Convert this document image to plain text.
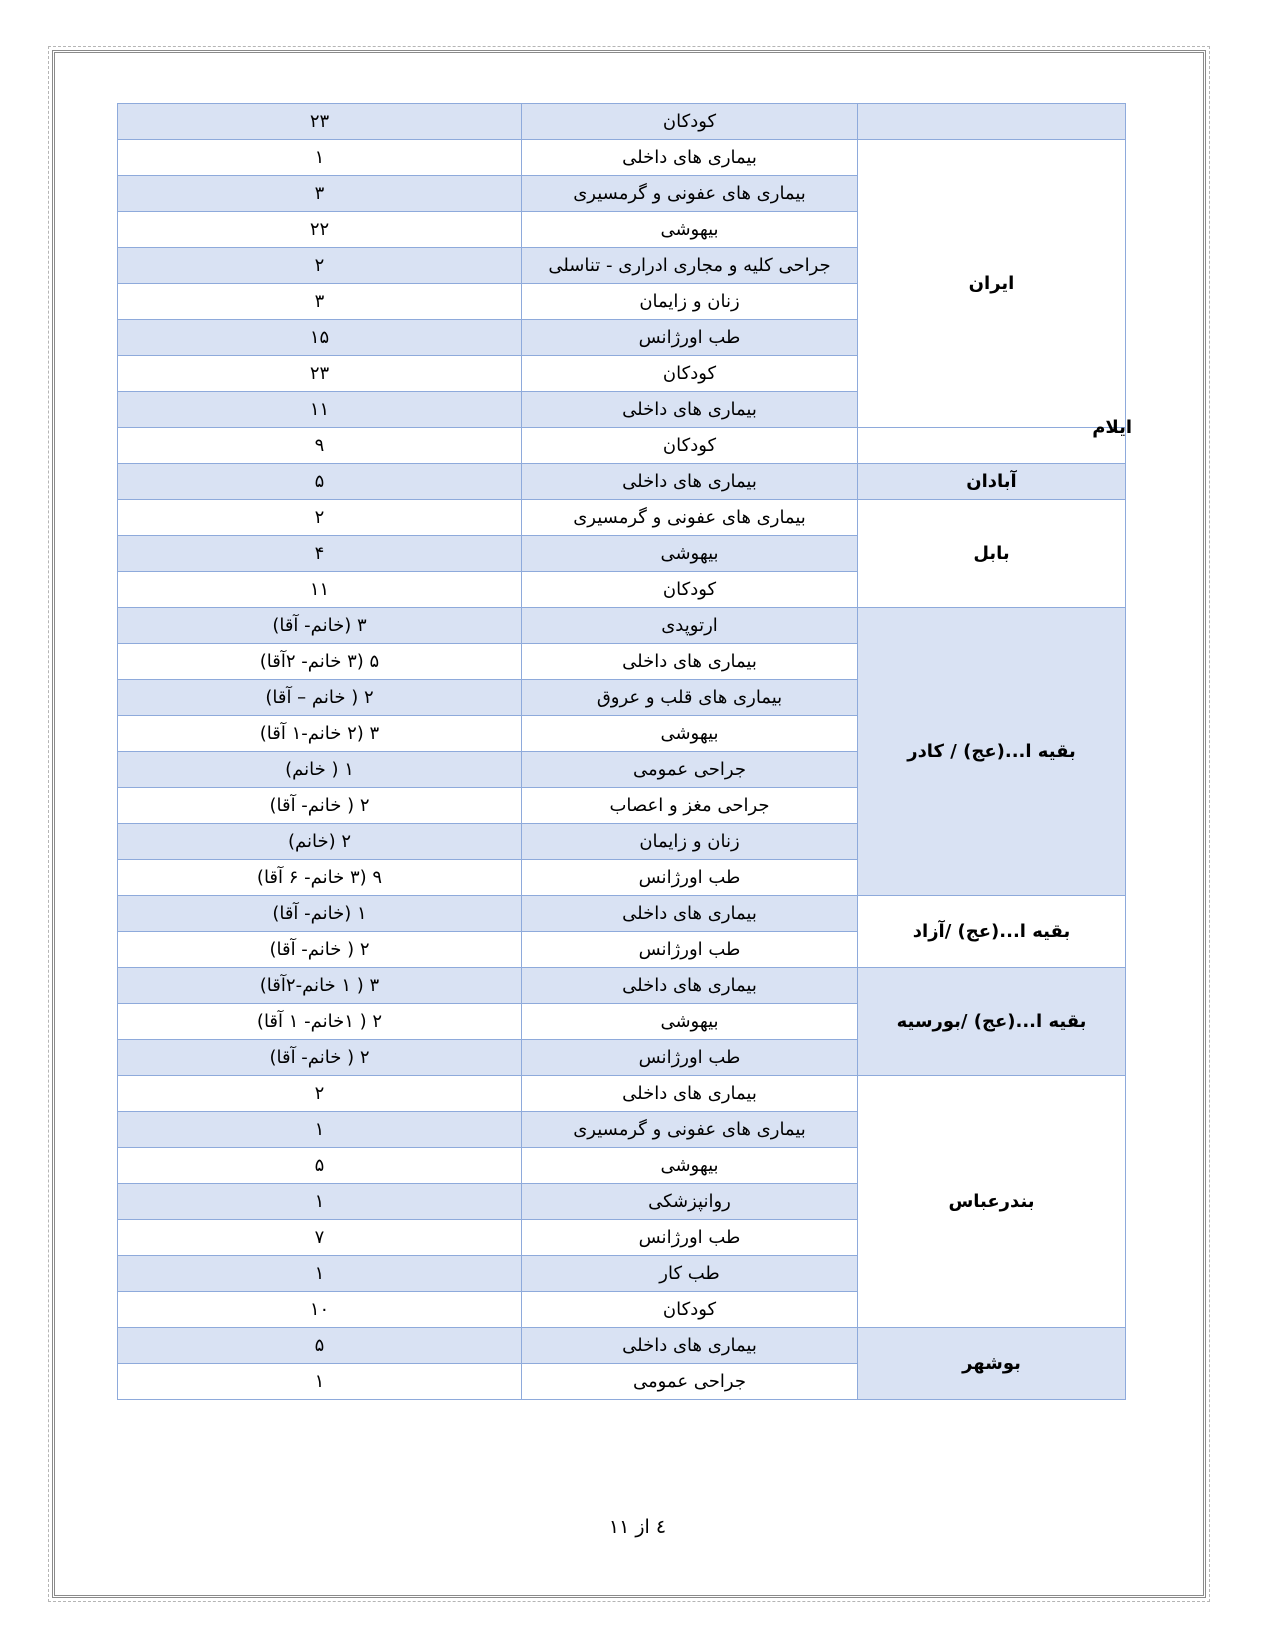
۲۳	کودکان		
۱	بیماری های داخلی	ایران	
۳	بیماری های عفونی و گرمسیری		
۲۲	بیهوشی		
۲	جراحی کلیه و مجاری ادراری - تناسلی		
۳	زنان و زایمان		
۱۵	طب اورژانس		
۲۳	کودکان		
۱۱	بیماری های داخلی		ایلام
۹	کودکان		
۵	بیماری های داخلی	آبادان	
۲	بیماری های عفونی و گرمسیری	بابل	
۴	بیهوشی		
۱۱	کودکان		
۳ (خانم- آقا)	ارتوپدی	بقیه ا...(عج) / کادر	
۵ (۳ خانم- ۲آقا)	بیماری های داخلی		
۲ ( خانم – آقا)	بیماری های قلب و عروق		
۳ (۲ خانم-۱ آقا)	بیهوشی		
۱ ( خانم)	جراحی عمومی		
۲ ( خانم- آقا)	جراحی مغز و اعصاب		
۲ (خانم)	زنان و زایمان		
۹ (۳ خانم- ۶ آقا)	طب اورژانس		
۱ (خانم- آقا)	بیماری های داخلی	بقیه ا...(عج) /آزاد	
۲ ( خانم- آقا)	طب اورژانس		
۳ ( ۱ خانم-۲آقا)	بیماری های داخلی	بقیه ا...(عج) /بورسیه	
۲ ( ۱خانم- ۱ آقا)	بیهوشی		
۲ ( خانم- آقا)	طب اورژانس		
۲	بیماری های داخلی	بندرعباس	
۱	بیماری های عفونی و گرمسیری		
۵	بیهوشی		
۱	روانپزشکی		
۷	طب اورژانس		
۱	طب کار		
۱۰	کودکان		
۵	بیماری های داخلی	بوشهر	
۱	جراحی عمومی		
٤ از ۱۱
